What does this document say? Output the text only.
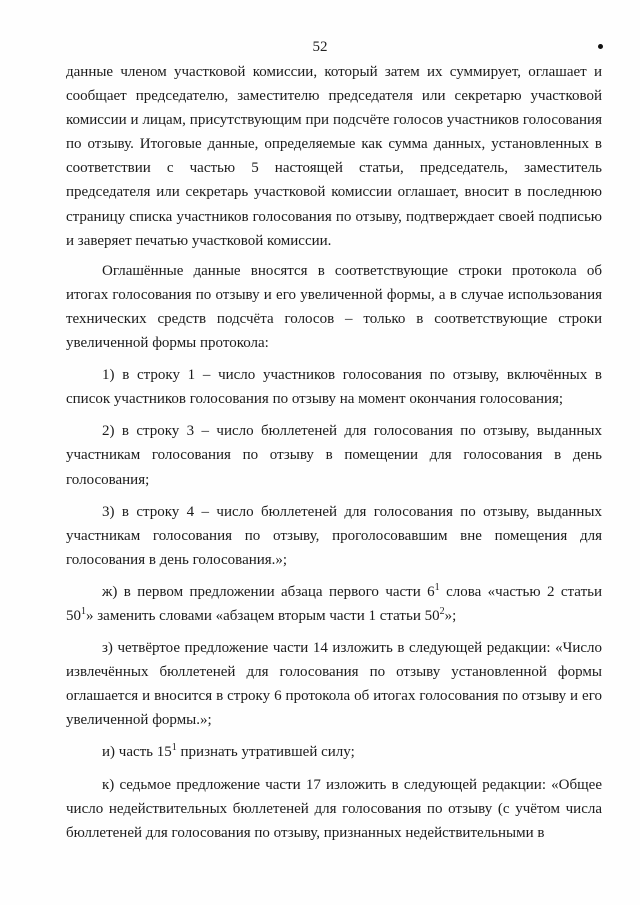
52

данные членом участковой комиссии, который затем их суммирует, оглашает и сообщает председателю, заместителю председателя или секретарю участковой комиссии и лицам, присутствующим при подсчёте голосов участников голосования по отзыву. Итоговые данные, определяемые как сумма данных, установленных в соответствии с частью 5 настоящей статьи, председатель, заместитель председателя или секретарь участковой комиссии оглашает, вносит в последнюю страницу списка участников голосования по отзыву, подтверждает своей подписью и заверяет печатью участковой комиссии.

Оглашённые данные вносятся в соответствующие строки протокола об итогах голосования по отзыву и его увеличенной формы, а в случае использования технических средств подсчёта голосов – только в соответствующие строки увеличенной формы протокола:

1) в строку 1 – число участников голосования по отзыву, включённых в список участников голосования по отзыву на момент окончания голосования;

2) в строку 3 – число бюллетеней для голосования по отзыву, выданных участникам голосования по отзыву в помещении для голосования в день голосования;

3) в строку 4 – число бюллетеней для голосования по отзыву, выданных участникам голосования по отзыву, проголосовавшим вне помещения для голосования в день голосования.»;

ж) в первом предложении абзаца первого части $6^1$ слова «частью 2 статьи $50^1$» заменить словами «абзацем вторым части 1 статьи $50^2$»;

з) четвёртое предложение части 14 изложить в следующей редакции: «Число извлечённых бюллетеней для голосования по отзыву установленной формы оглашается и вносится в строку 6 протокола об итогах голосования по отзыву и его увеличенной формы.»;

и) часть $15^1$ признать утратившей силу;

к) седьмое предложение части 17 изложить в следующей редакции: «Общее число недействительных бюллетеней для голосования по отзыву (с учётом числа бюллетеней для голосования по отзыву, признанных недействительными в
